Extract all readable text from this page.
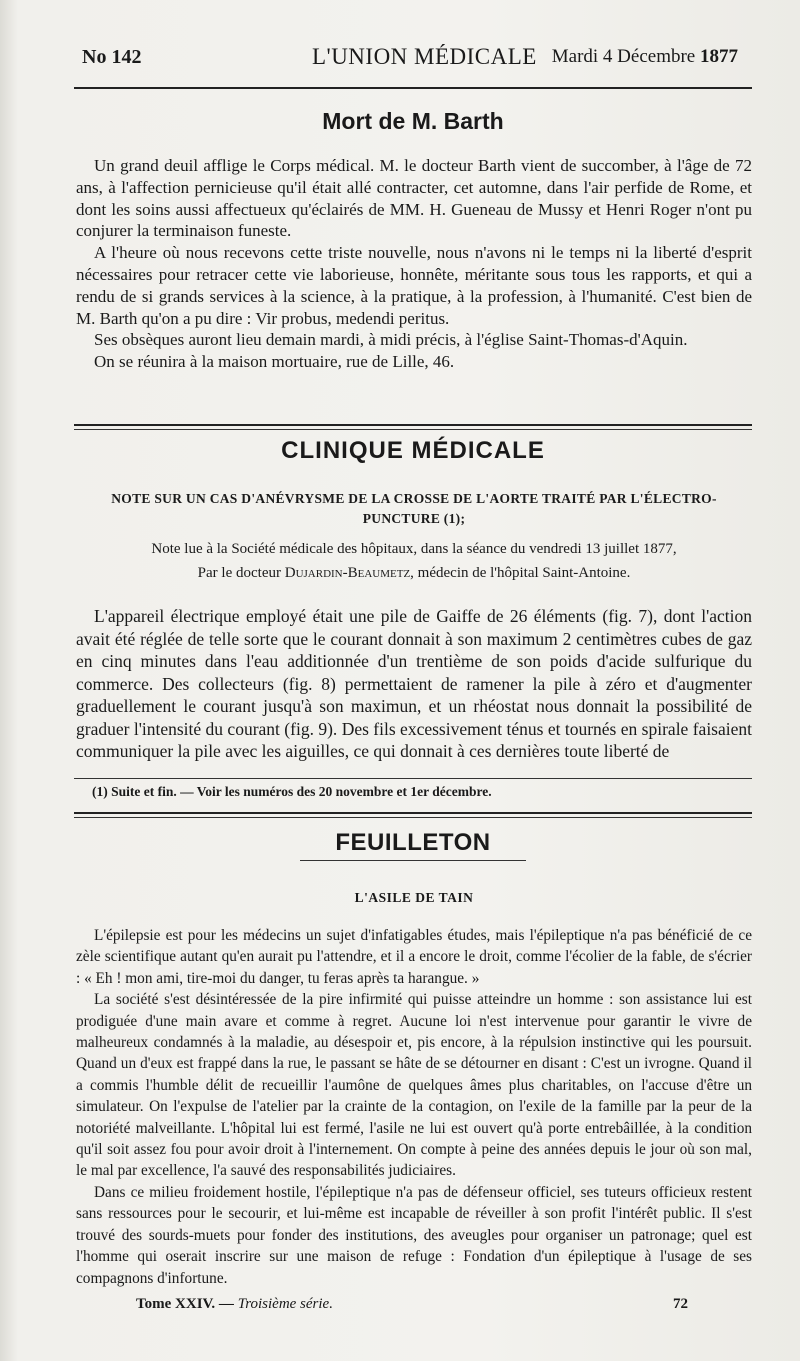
No 142	L'UNION MÉDICALE Mardi 4 Décembre 1877
Mort de M. Barth

Un grand deuil afflige le Corps médical. M. le docteur Barth vient de succomber, à l'âge de 72 ans, à l'affection pernicieuse qu'il était allé contracter, cet automne, dans l'air perfide de Rome, et dont les soins aussi affectueux qu'éclairés de MM. H. Gueneau de Mussy et Henri Roger n'ont pu conjurer la terminaison funeste.

A l'heure où nous recevons cette triste nouvelle, nous n'avons ni le temps ni la liberté d'esprit nécessaires pour retracer cette vie laborieuse, honnête, méritante sous tous les rapports, et qui a rendu de si grands services à la science, à la pratique, à la profession, à l'humanité. C'est bien de M. Barth qu'on a pu dire : Vir probus, medendi peritus.

Ses obsèques auront lieu demain mardi, à midi précis, à l'église Saint-Thomas-d'Aquin.

On se réunira à la maison mortuaire, rue de Lille, 46.

CLINIQUE MÉDICALE
NOTE SUR UN CAS D'ANÉVRYSME DE LA CROSSE DE L'AORTE TRAITÉ PAR L'ÉLECTRO-PUNCTURE (1);
Note lue à la Société médicale des hôpitaux, dans la séance du vendredi 13 juillet 1877,
Par le docteur Dujardin-Beaumetz, médecin de l'hôpital Saint-Antoine.

L'appareil électrique employé était une pile de Gaiffe de 26 éléments (fig. 7), dont l'action avait été réglée de telle sorte que le courant donnait à son maximum 2 centimètres cubes de gaz en cinq minutes dans l'eau additionnée d'un trentième de son poids d'acide sulfurique du commerce. Des collecteurs (fig. 8) permettaient de ramener la pile à zéro et d'augmenter graduellement le courant jusqu'à son maximun, et un rhéostat nous donnait la possibilité de graduer l'intensité du courant (fig. 9). Des fils excessivement ténus et tournés en spirale faisaient communiquer la pile avec les aiguilles, ce qui donnait à ces dernières toute liberté de

(1) Suite et fin. — Voir les numéros des 20 novembre et 1er décembre.
FEUILLETON
L'ASILE DE TAIN

L'épilepsie est pour les médecins un sujet d'infatigables études, mais l'épileptique n'a pas bénéficié de ce zèle scientifique autant qu'en aurait pu l'attendre, et il a encore le droit, comme l'écolier de la fable, de s'écrier : « Eh ! mon ami, tire-moi du danger, tu feras après ta harangue. »

La société s'est désintéressée de la pire infirmité qui puisse atteindre un homme : son assistance lui est prodiguée d'une main avare et comme à regret. Aucune loi n'est intervenue pour garantir le vivre de malheureux condamnés à la maladie, au désespoir et, pis encore, à la répulsion instinctive qui les poursuit. Quand un d'eux est frappé dans la rue, le passant se hâte de se détourner en disant : C'est un ivrogne. Quand il a commis l'humble délit de recueillir l'aumône de quelques âmes plus charitables, on l'accuse d'être un simulateur. On l'expulse de l'atelier par la crainte de la contagion, on l'exile de la famille par la peur de la notoriété malveillante. L'hôpital lui est fermé, l'asile ne lui est ouvert qu'à porte entrebâillée, à la condition qu'il soit assez fou pour avoir droit à l'internement. On compte à peine des années depuis le jour où son mal, le mal par excellence, l'a sauvé des responsabilités judiciaires.

Dans ce milieu froidement hostile, l'épileptique n'a pas de défenseur officiel, ses tuteurs officieux restent sans ressources pour le secourir, et lui-même est incapable de réveiller à son profit l'intérêt public. Il s'est trouvé des sourds-muets pour fonder des institutions, des aveugles pour organiser un patronage; quel est l'homme qui oserait inscrire sur une maison de refuge : Fondation d'un épileptique à l'usage de ses compagnons d'infortune.

Tome XXIV. — Troisième série.	72
